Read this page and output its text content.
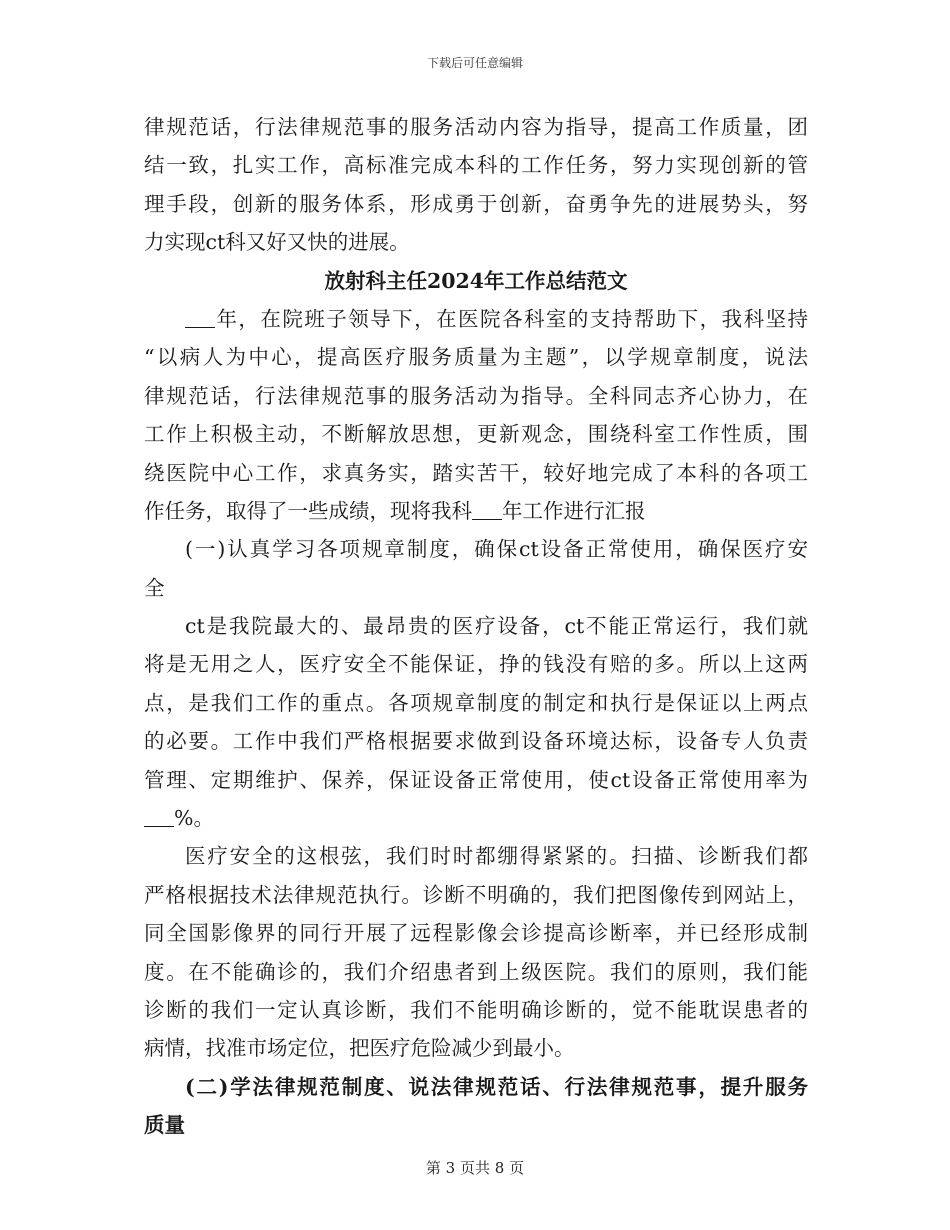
下载后可任意编辑
律规范话，行法律规范事的服务活动内容为指导，提高工作质量，团
结一致，扎实工作，高标准完成本科的工作任务，努力实现创新的管
理手段，创新的服务体系，形成勇于创新，奋勇争先的进展势头，努
力实现ct科又好又快的进展。
放射科主任2024年工作总结范文
年，在院班子领导下，在医院各科室的支持帮助下，我科坚持
“以病人为中心，提高医疗服务质量为主题”，以学规章制度，说法
律规范话，行法律规范事的服务活动为指导。全科同志齐心协力，在
工作上积极主动，不断解放思想，更新观念，围绕科室工作性质，围
绕医院中心工作，求真务实，踏实苦干，较好地完成了本科的各项工
作任务，取得了一些成绩，现将我科 年工作进行汇报
(一)认真学习各项规章制度，确保ct设备正常使用，确保医疗安
全
ct是我院最大的、最昂贵的医疗设备，ct不能正常运行，我们就
将是无用之人，医疗安全不能保证，挣的钱没有赔的多。所以上这两
点，是我们工作的重点。各项规章制度的制定和执行是保证以上两点
的必要。工作中我们严格根据要求做到设备环境达标，设备专人负责
管理、定期维护、保养，保证设备正常使用，使ct设备正常使用率为
%。
医疗安全的这根弦，我们时时都绷得紧紧的。扫描、诊断我们都
严格根据技术法律规范执行。诊断不明确的，我们把图像传到网站上，
同全国影像界的同行开展了远程影像会诊提高诊断率，并已经形成制
度。在不能确诊的，我们介绍患者到上级医院。我们的原则，我们能
诊断的我们一定认真诊断，我们不能明确诊断的，觉不能耽误患者的
病情，找准市场定位，把医疗危险减少到最小。
(二)学法律规范制度、说法律规范话、行法律规范事，提升服务
质量
第 3 页共 8 页
